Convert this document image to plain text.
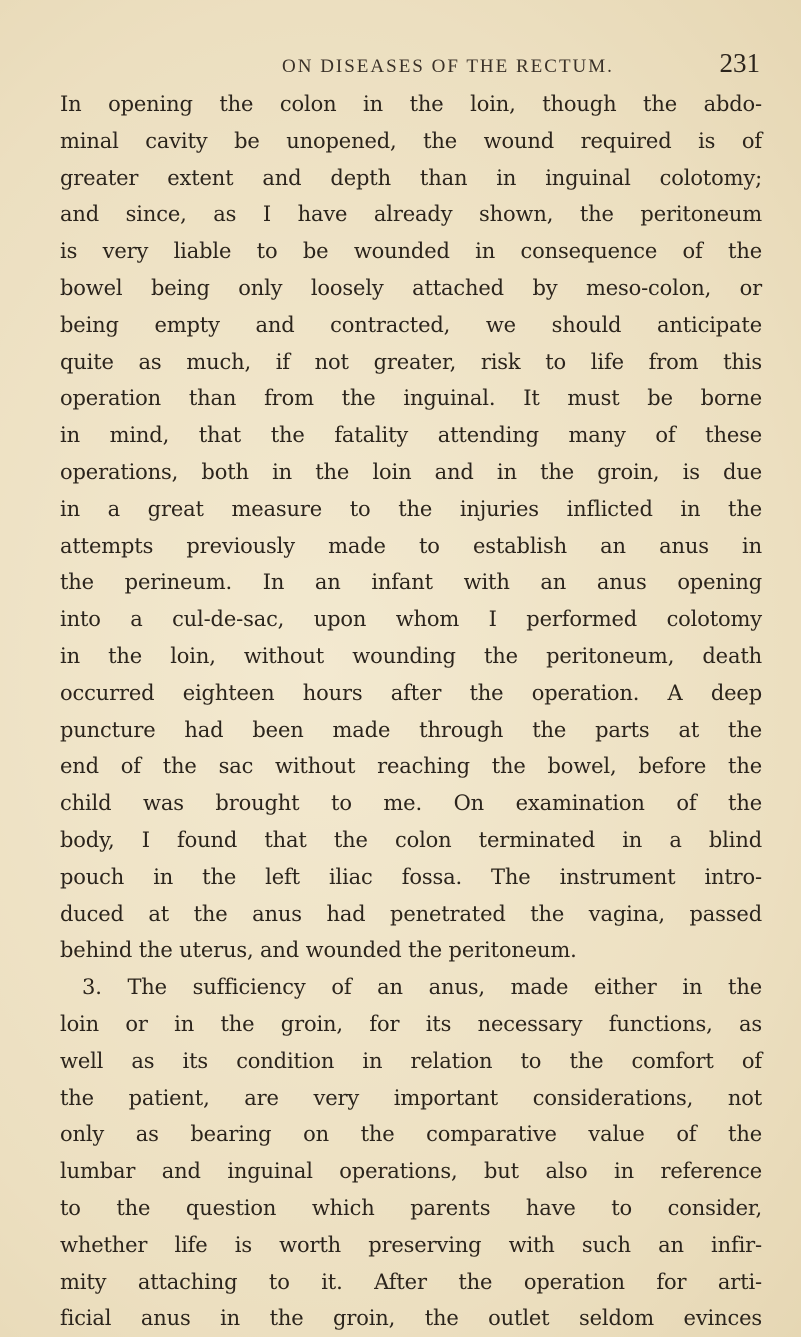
ON DISEASES OF THE RECTUM.	231
In opening the colon in the loin, though the abdo-
minal cavity be unopened, the wound required is of
greater extent and depth than in inguinal colotomy;
and since, as I have already shown, the peritoneum
is very liable to be wounded in consequence of the
bowel being only loosely attached by meso-colon, or
being empty and contracted, we should anticipate
quite as much, if not greater, risk to life from this
operation than from the inguinal. It must be borne
in mind, that the fatality attending many of these
operations, both in the loin and in the groin, is due
in a great measure to the injuries inflicted in the
attempts previously made to establish an anus in
the perineum. In an infant with an anus opening
into a cul-de-sac, upon whom I performed colotomy
in the loin, without wounding the peritoneum, death
occurred eighteen hours after the operation. A deep
puncture had been made through the parts at the
end of the sac without reaching the bowel, before the
child was brought to me. On examination of the
body, I found that the colon terminated in a blind
pouch in the left iliac fossa. The instrument intro-
duced at the anus had penetrated the vagina, passed
behind the uterus, and wounded the peritoneum.
3. The sufficiency of an anus, made either in the
loin or in the groin, for its necessary functions, as
well as its condition in relation to the comfort of
the patient, are very important considerations, not
only as bearing on the comparative value of the
lumbar and inguinal operations, but also in reference
to the question which parents have to consider,
whether life is worth preserving with such an infir-
mity attaching to it. After the operation for arti-
ficial anus in the groin, the outlet seldom evinces
